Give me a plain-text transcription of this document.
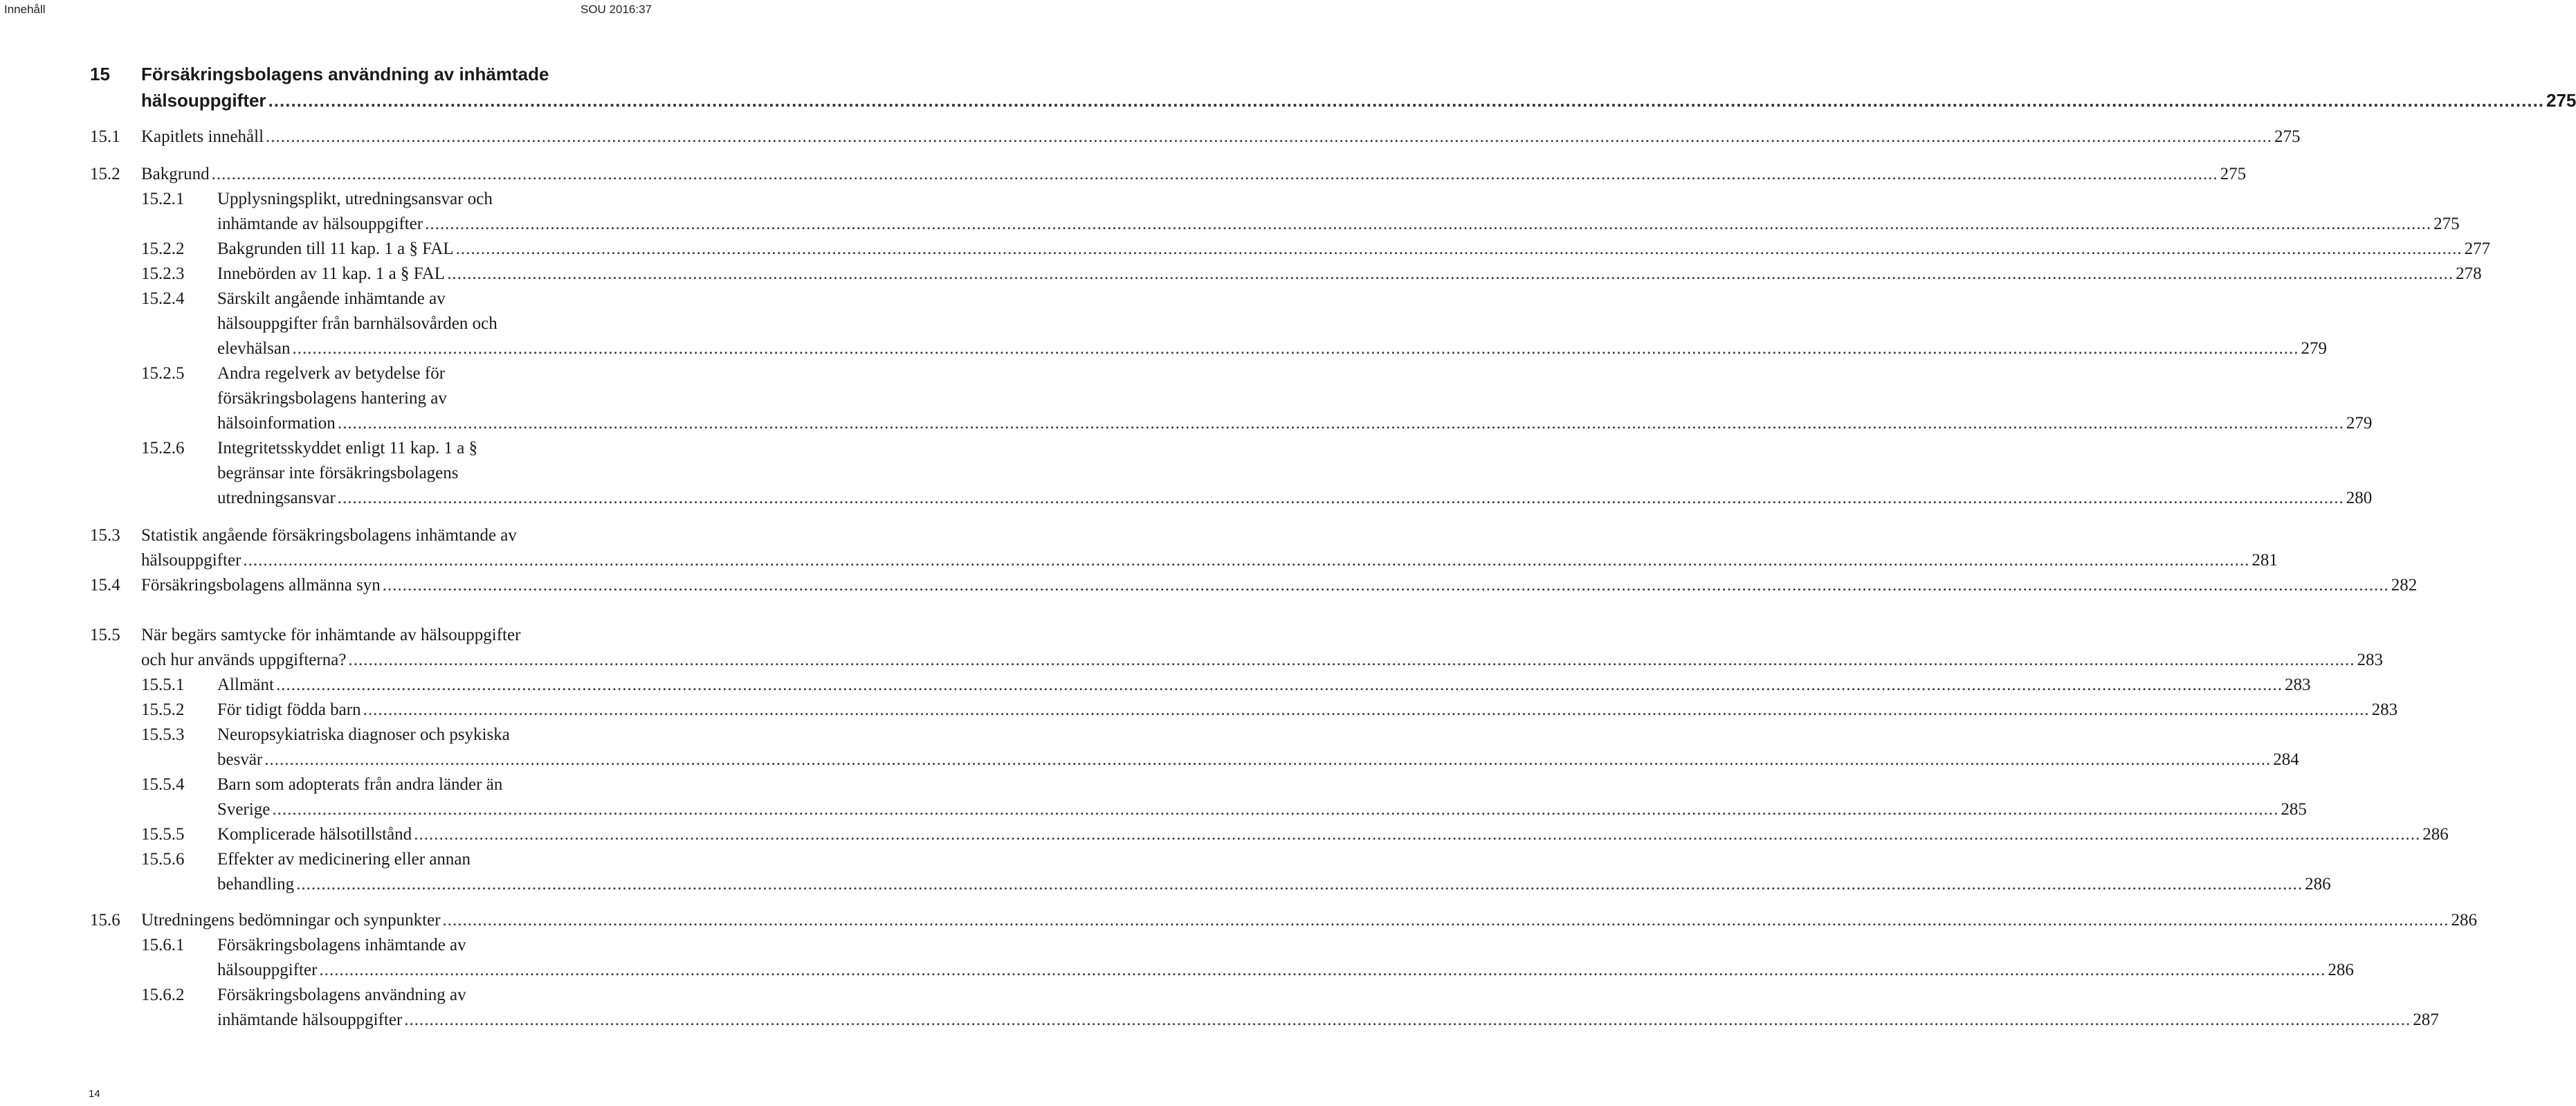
Innehåll	SOU 2016:37
15 Försäkringsbolagens användning av inhämtade
hälsouppgifter ................................................................................................................................................................................................................................................................................................................................................................................................................ 275
15.1 Kapitlets innehåll ................................................................................................................................................................................................................................................................................................................................................................................................................ 275
15.2 Bakgrund ................................................................................................................................................................................................................................................................................................................................................................................................................ 275
15.2.1 Upplysningsplikt, utredningsansvar och
inhämtande av hälsouppgifter ................................................................................................................................................................................................................................................................................................................................................................................................................ 275
15.2.2 Bakgrunden till 11 kap. 1 a § FAL ................................................................................................................................................................................................................................................................................................................................................................................................................ 277
15.2.3 Innebörden av 11 kap. 1 a § FAL ................................................................................................................................................................................................................................................................................................................................................................................................................ 278
15.2.4 Särskilt angående inhämtande av
hälsouppgifter från barnhälsovården och
elevhälsan ................................................................................................................................................................................................................................................................................................................................................................................................................ 279
15.2.5 Andra regelverk av betydelse för
försäkringsbolagens hantering av
hälsoinformation ................................................................................................................................................................................................................................................................................................................................................................................................................ 279
15.2.6 Integritetsskyddet enligt 11 kap. 1 a §
begränsar inte försäkringsbolagens
utredningsansvar ................................................................................................................................................................................................................................................................................................................................................................................................................ 280
15.3 Statistik angående försäkringsbolagens inhämtande av
hälsouppgifter ................................................................................................................................................................................................................................................................................................................................................................................................................ 281
15.4 Försäkringsbolagens allmänna syn ................................................................................................................................................................................................................................................................................................................................................................................................................ 282
15.5 När begärs samtycke för inhämtande av hälsouppgifter
och hur används uppgifterna? ................................................................................................................................................................................................................................................................................................................................................................................................................ 283
15.5.1 Allmänt ................................................................................................................................................................................................................................................................................................................................................................................................................ 283
15.5.2 För tidigt födda barn ................................................................................................................................................................................................................................................................................................................................................................................................................ 283
15.5.3 Neuropsykiatriska diagnoser och psykiska
besvär ................................................................................................................................................................................................................................................................................................................................................................................................................ 284
15.5.4 Barn som adopterats från andra länder än
Sverige ................................................................................................................................................................................................................................................................................................................................................................................................................ 285
15.5.5 Komplicerade hälsotillstånd ................................................................................................................................................................................................................................................................................................................................................................................................................ 286
15.5.6 Effekter av medicinering eller annan
behandling ................................................................................................................................................................................................................................................................................................................................................................................................................ 286
15.6 Utredningens bedömningar och synpunkter ................................................................................................................................................................................................................................................................................................................................................................................................................ 286
15.6.1 Försäkringsbolagens inhämtande av
hälsouppgifter ................................................................................................................................................................................................................................................................................................................................................................................................................ 286
15.6.2 Försäkringsbolagens användning av
inhämtande hälsouppgifter ................................................................................................................................................................................................................................................................................................................................................................................................................ 287
14
